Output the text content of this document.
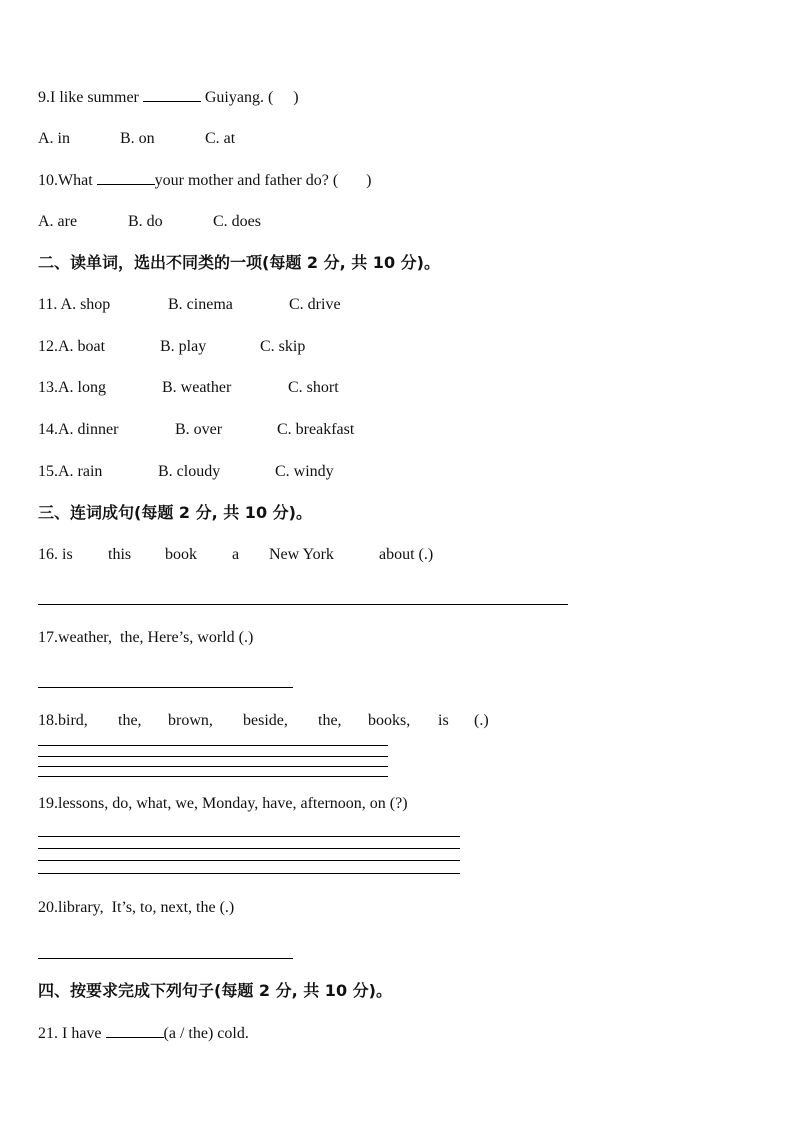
9.I like summer	Guiyang. (     )
A. in	B. on	C. at
10.What	your mother and father do? (       )
A. are	B. do	C. does
二、读单词，选出不同类的一项(每题 2 分, 共 10 分)。
11. A. shop	B. cinema	C. drive
12.A. boat	B. play	C. skip
13.A. long	B. weather	C. short
14.A. dinner	B. over	C. breakfast
15.A. rain	B. cloudy	C. windy
三、连词成句(每题 2 分, 共 10 分)。
16. is this book a New York	about (.)
17.weather,  the, Here’s, world (.)
18.bird, the, brown, beside, the, books, is (.)
19.lessons, do, what, we, Monday, have, afternoon, on (?)
20.library,  It’s, to, next, the (.)
四、按要求完成下列句子(每题 2 分, 共 10 分)。
21. I have	(a / the) cold.
